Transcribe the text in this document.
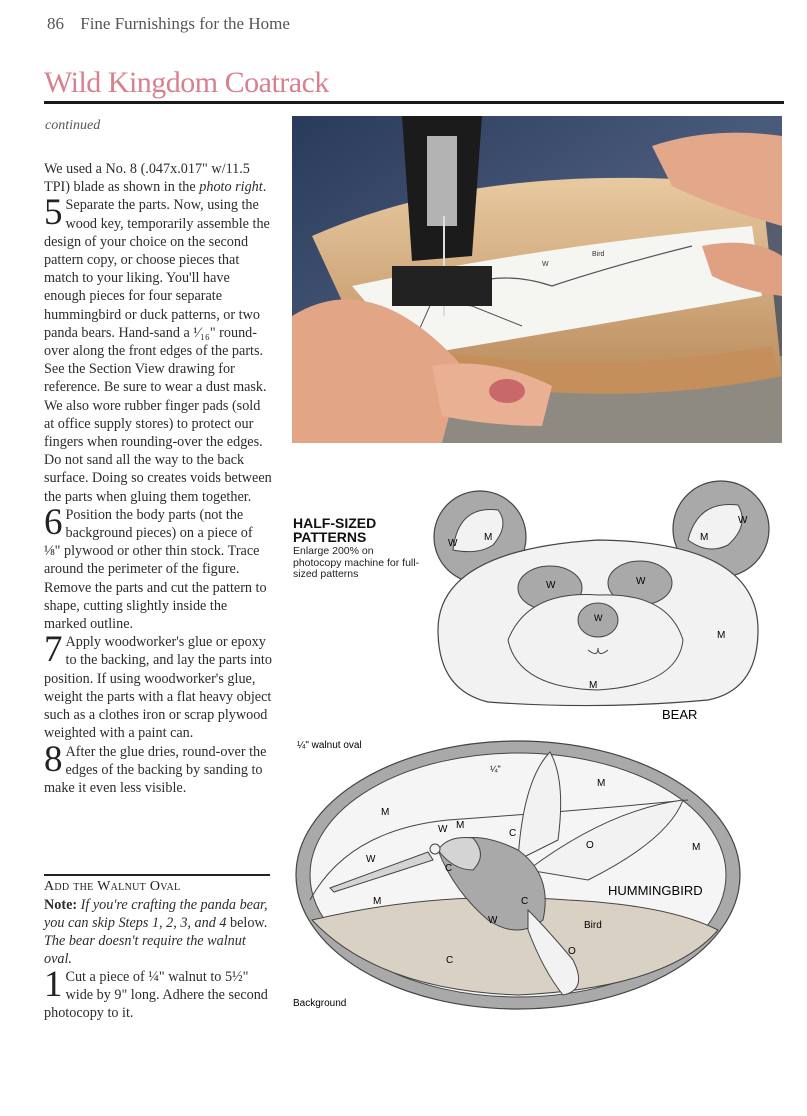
86 Fine Furnishings for the Home
Wild Kingdom Coatrack
continued

We used a No. 8 (.047x.017" w/11.5 TPI) blade as shown in the photo right.

5 Separate the parts. Now, using the wood key, temporarily assemble the design of your choice on the second pattern copy, or choose pieces that match to your liking. You'll have enough pieces for four separate hummingbird or duck patterns, or two panda bears. Hand-sand a ¹⁄₁₆" round-over along the front edges of the parts. See the Section View drawing for reference. Be sure to wear a dust mask. We also wore rubber finger pads (sold at office supply stores) to protect our fingers when rounding-over the edges. Do not sand all the way to the back surface. Doing so creates voids between the parts when gluing them together.

6 Position the body parts (not the background pieces) on a piece of ⅛" plywood or other thin stock. Trace around the perimeter of the figure. Remove the parts and cut the pattern to shape, cutting slightly inside the marked outline.

7 Apply woodworker's glue or epoxy to the backing, and lay the parts into position. If using woodworker's glue, weight the parts with a flat heavy object such as a clothes iron or scrap plywood weighted with a paint can.

8 After the glue dries, round-over the edges of the backing by sanding to make it even less visible.

Add the Walnut Oval

Note: If you're crafting the panda bear, you can skip Steps 1, 2, 3, and 4 below. The bear doesn't require the walnut oval.

1 Cut a piece of ¼" walnut to 5½" wide by 9" long. Adhere the second photocopy to it.

Bird
W
HALF-SIZED PATTERNS
Enlarge 200% on photocopy machine for full-sized patterns
W
M	M
W
W	W
W
M
M
BEAR
W M
W
M
M
M
M
W
C
C
C
C
O
O
HUMMINGBIRD
¼" walnut oval
¼"
Bird
Background
